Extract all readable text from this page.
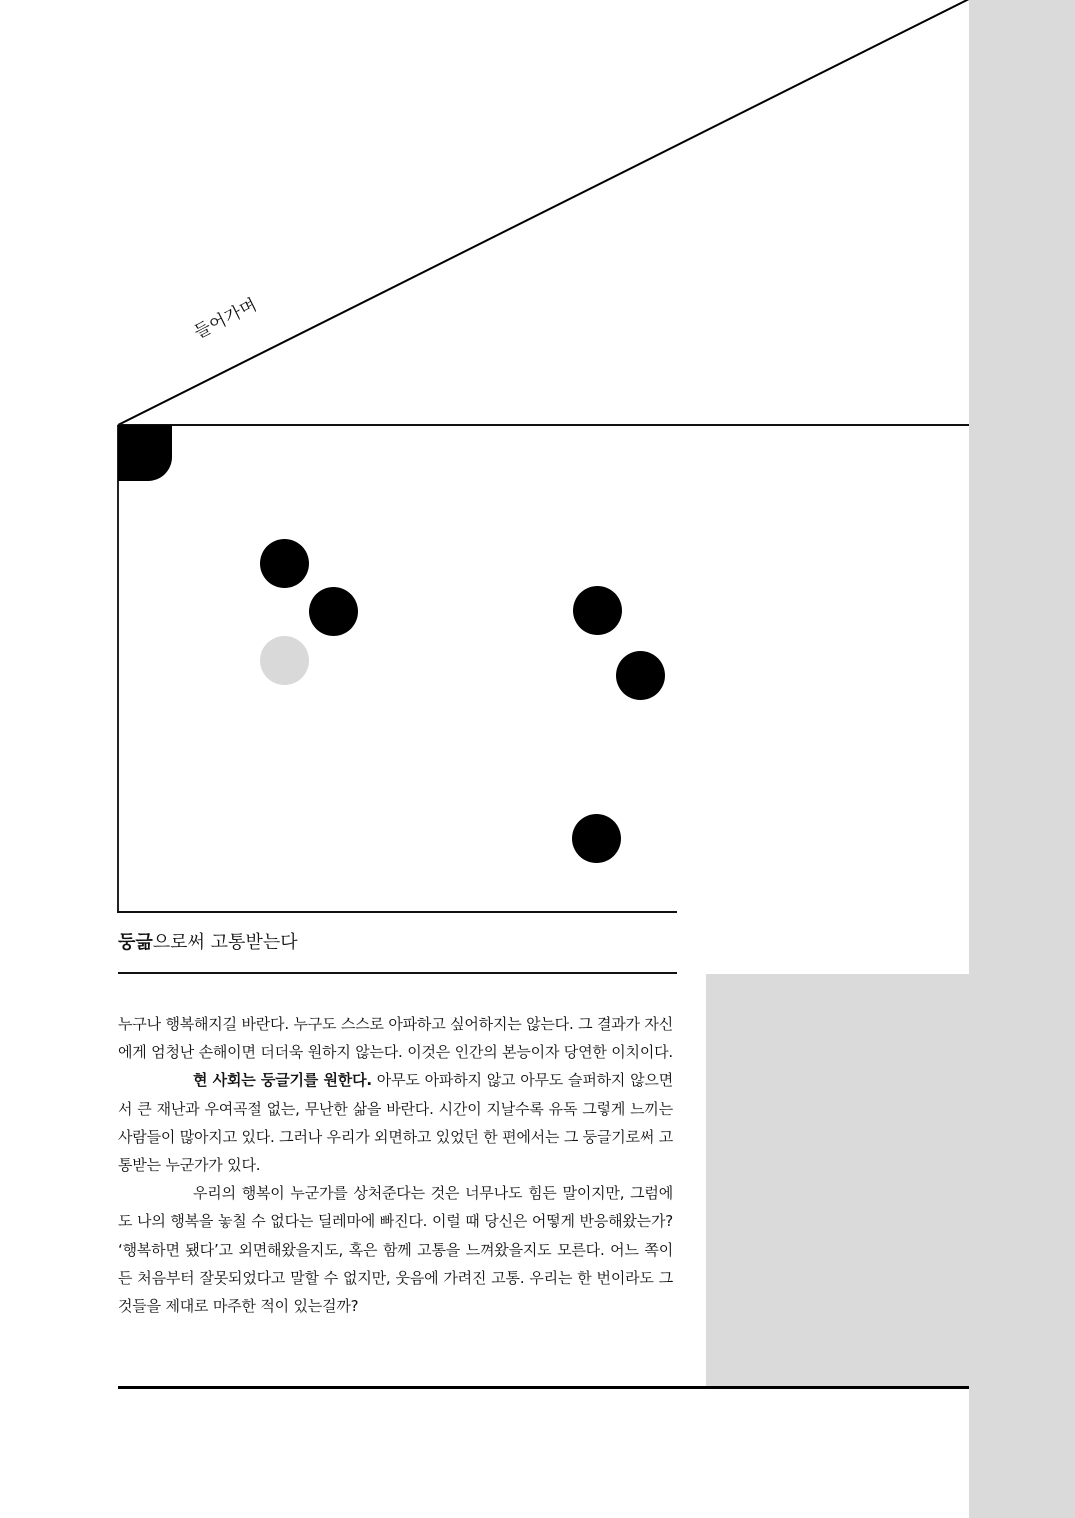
들어가며
둥긂으로써 고통받는다

누구나 행복해지길 바란다. 누구도 스스로 아파하고 싶어하지는 않는다. 그 결과가 자신에게 엄청난 손해이면 더더욱 원하지 않는다. 이것은 인간의 본능이자 당연한 이치이다.

현 사회는 둥글기를 원한다. 아무도 아파하지 않고 아무도 슬퍼하지 않으면서 큰 재난과 우여곡절 없는, 무난한 삶을 바란다. 시간이 지날수록 유독 그렇게 느끼는 사람들이 많아지고 있다. 그러나 우리가 외면하고 있었던 한 편에서는 그 둥글기로써 고통받는 누군가가 있다.

우리의 행복이 누군가를 상처준다는 것은 너무나도 힘든 말이지만, 그럼에도 나의 행복을 놓칠 수 없다는 딜레마에 빠진다. 이럴 때 당신은 어떻게 반응해왔는가? ‘행복하면 됐다’고 외면해왔을지도, 혹은 함께 고통을 느껴왔을지도 모른다. 어느 쪽이든 처음부터 잘못되었다고 말할 수 없지만, 웃음에 가려진 고통. 우리는 한 번이라도 그것들을 제대로 마주한 적이 있는걸까?
